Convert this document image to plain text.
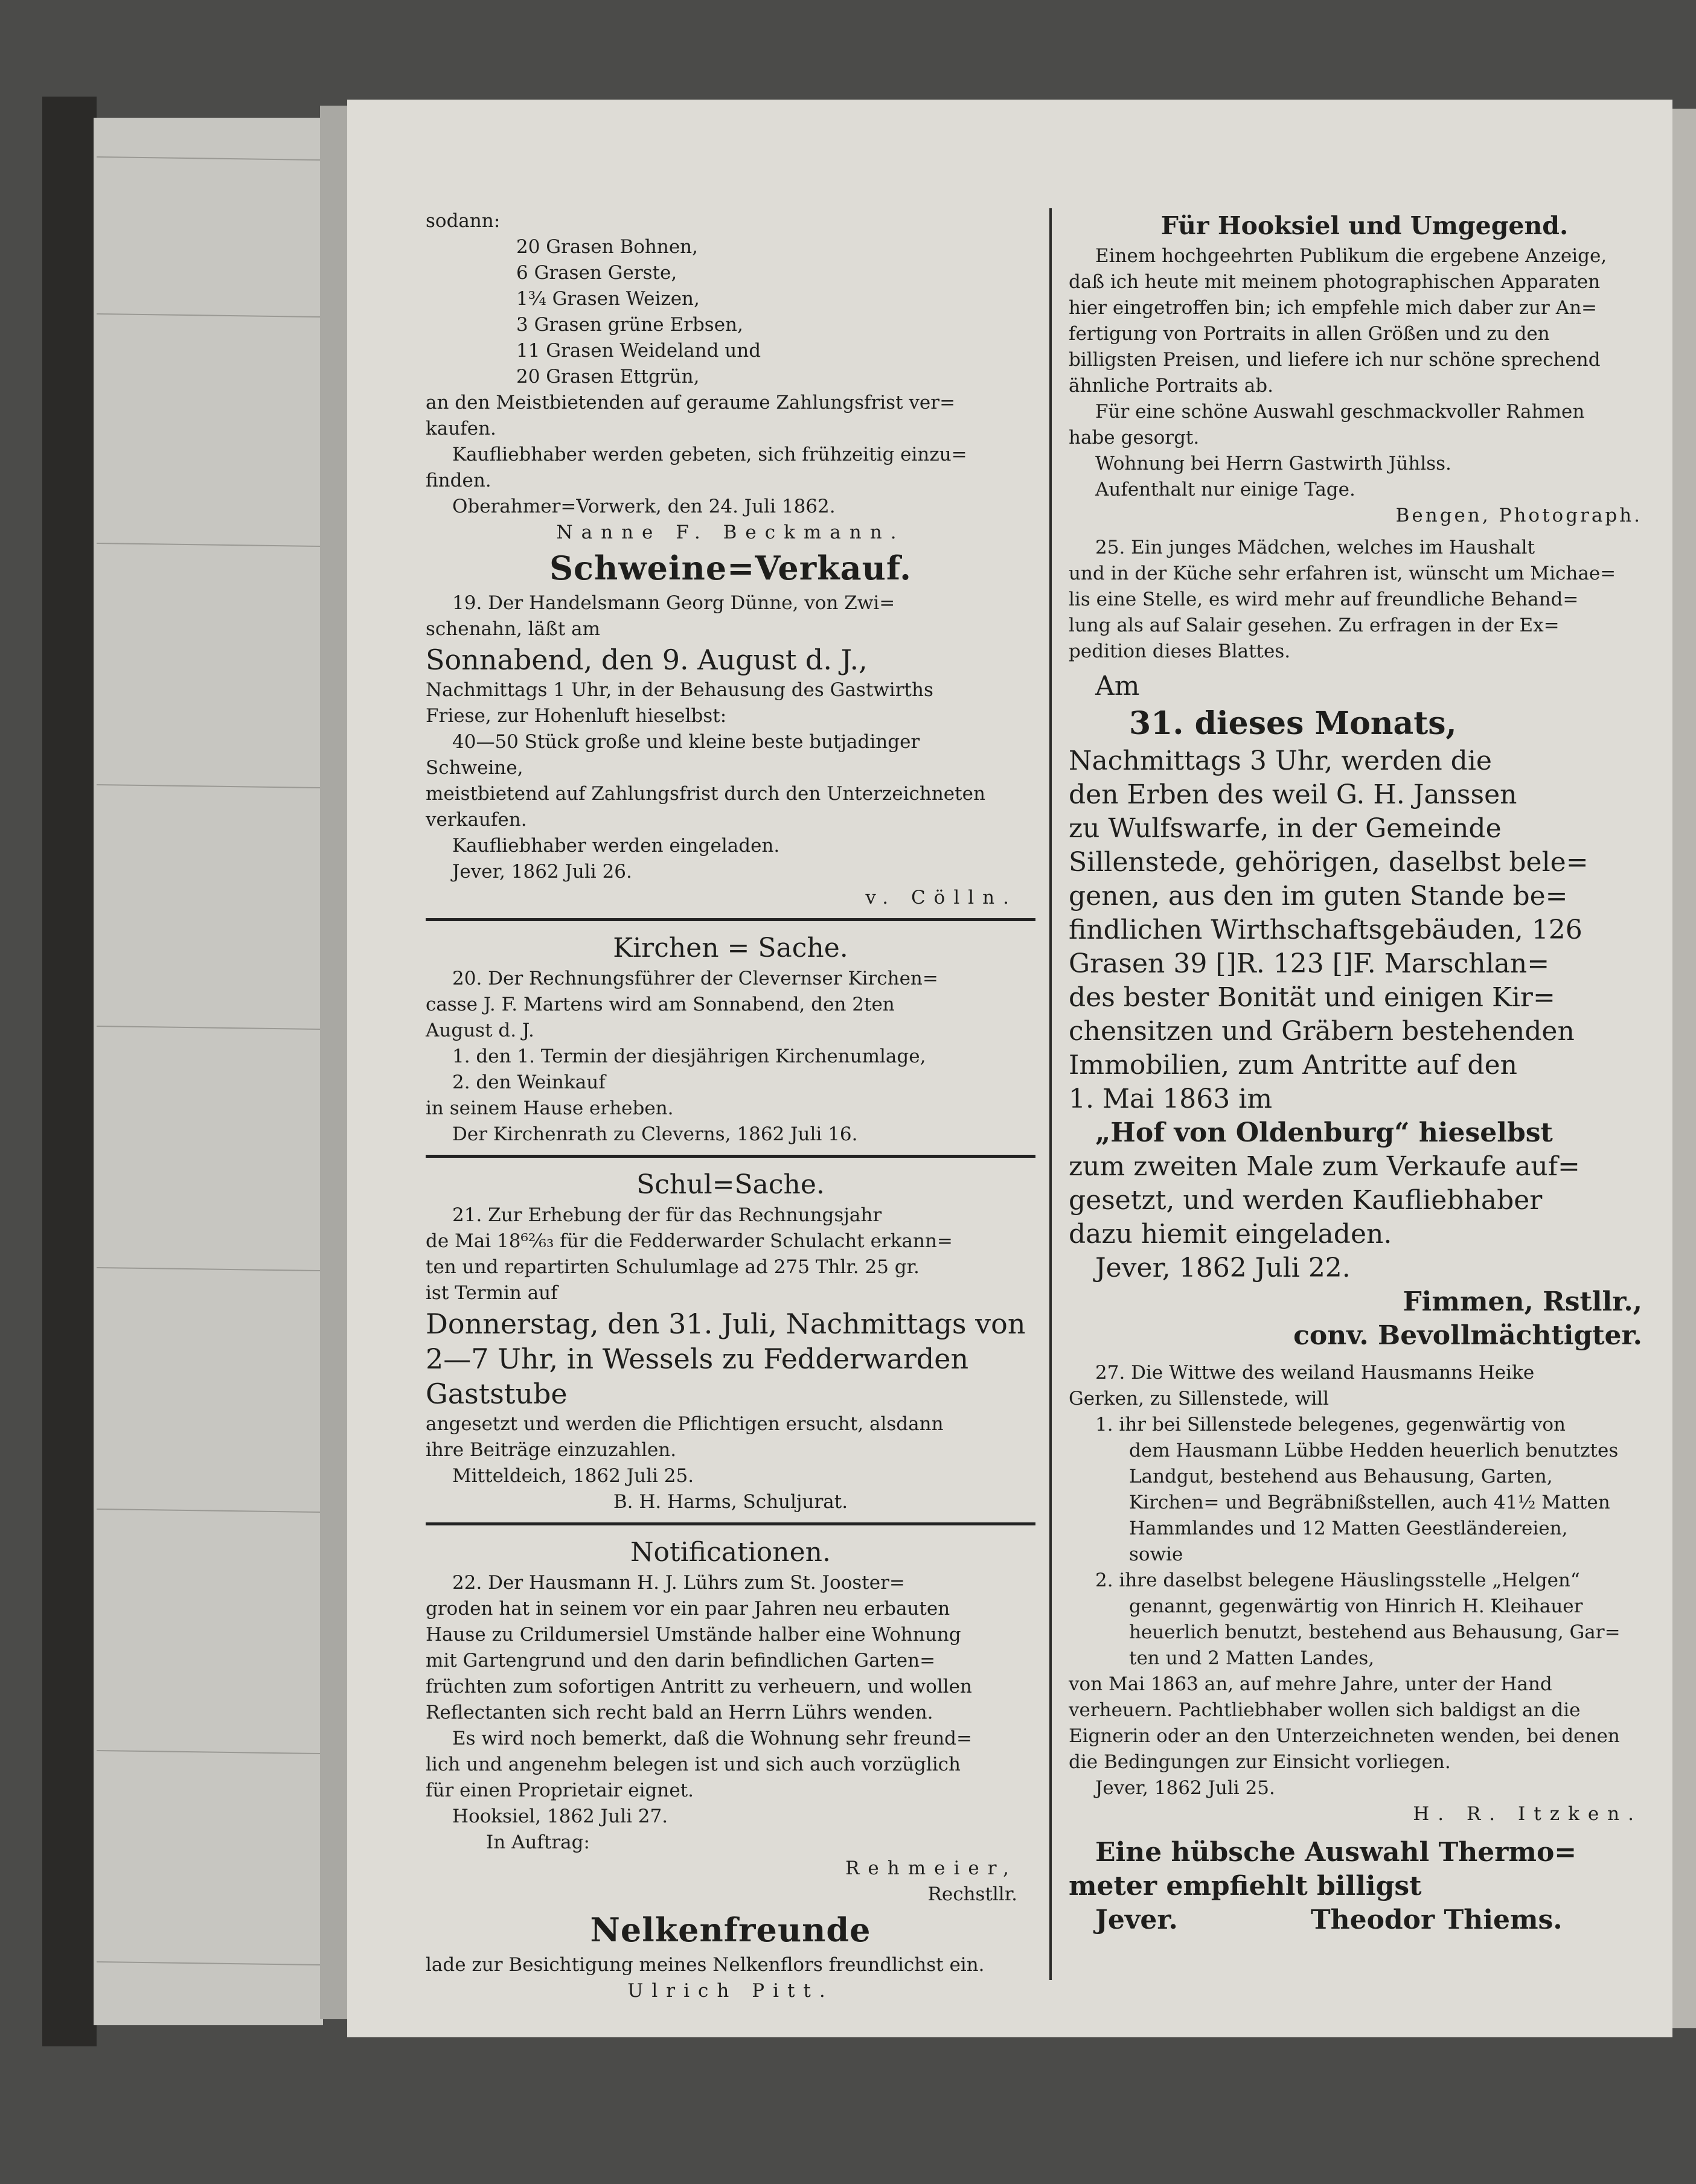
sodann:

20 Grasen Bohnen,

6 Grasen Gerste,

1¾ Grasen Weizen,

3 Grasen grüne Erbsen,

11 Grasen Weideland und

20 Grasen Ettgrün,

an den Meistbietenden auf geraume Zahlungsfrist ver=

kaufen.

Kaufliebhaber werden gebeten, sich frühzeitig einzu=

finden.

Oberahmer=Vorwerk, den 24. Juli 1862.

Nanne F. Beckmann.

Schweine=Verkauf.

19. Der Handelsmann Georg Dünne, von Zwi=

schenahn, läßt am

Sonnabend, den 9. August d. J.,

Nachmittags 1 Uhr, in der Behausung des Gastwirths

Friese, zur Hohenluft hieselbst:

40—50 Stück große und kleine beste butjadinger

Schweine,

meistbietend auf Zahlungsfrist durch den Unterzeichneten

verkaufen.

Kaufliebhaber werden eingeladen.

Jever, 1862 Juli 26.

v. Cölln.

Kirchen = Sache.

20. Der Rechnungsführer der Clevernser Kirchen=

casse J. F. Martens wird am Sonnabend, den 2ten

August d. J.

1. den 1. Termin der diesjährigen Kirchenumlage,

2. den Weinkauf

in seinem Hause erheben.

Der Kirchenrath zu Cleverns, 1862 Juli 16.

Schul=Sache.

21. Zur Erhebung der für das Rechnungsjahr

de Mai 18⁶²⁄₆₃ für die Fedderwarder Schulacht erkann=

ten und repartirten Schulumlage ad 275 Thlr. 25 gr.

ist Termin auf

Donnerstag, den 31. Juli, Nachmittags von

2—7 Uhr, in Wessels zu Fedderwarden

Gaststube

angesetzt und werden die Pflichtigen ersucht, alsdann

ihre Beiträge einzuzahlen.

Mitteldeich, 1862 Juli 25.

B. H. Harms, Schuljurat.

Notificationen.

22. Der Hausmann H. J. Lührs zum St. Jooster=

groden hat in seinem vor ein paar Jahren neu erbauten

Hause zu Crildumersiel Umstände halber eine Wohnung

mit Gartengrund und den darin befindlichen Garten=

früchten zum sofortigen Antritt zu verheuern, und wollen

Reflectanten sich recht bald an Herrn Lührs wenden.

Es wird noch bemerkt, daß die Wohnung sehr freund=

lich und angenehm belegen ist und sich auch vorzüglich

für einen Proprietair eignet.

Hooksiel, 1862 Juli 27.

In Auftrag:

Rehmeier,

Rechstllr.

Nelkenfreunde

lade zur Besichtigung meines Nelkenflors freundlichst ein.

Ulrich Pitt.

Für Hooksiel und Umgegend.

Einem hochgeehrten Publikum die ergebene Anzeige,

daß ich heute mit meinem photographischen Apparaten

hier eingetroffen bin; ich empfehle mich daber zur An=

fertigung von Portraits in allen Größen und zu den

billigsten Preisen, und liefere ich nur schöne sprechend

ähnliche Portraits ab.

Für eine schöne Auswahl geschmackvoller Rahmen

habe gesorgt.

Wohnung bei Herrn Gastwirth Jühlss.

Aufenthalt nur einige Tage.

Bengen, Photograph.

25. Ein junges Mädchen, welches im Haushalt

und in der Küche sehr erfahren ist, wünscht um Michae=

lis eine Stelle, es wird mehr auf freundliche Behand=

lung als auf Salair gesehen. Zu erfragen in der Ex=

pedition dieses Blattes.

Am

31. dieses Monats,

Nachmittags 3 Uhr, werden die

den Erben des weil G. H. Janssen

zu Wulfswarfe, in der Gemeinde

Sillenstede, gehörigen, daselbst bele=

genen, aus den im guten Stande be=

findlichen Wirthschaftsgebäuden, 126

Grasen 39 []R. 123 []F. Marschlan=

des bester Bonität und einigen Kir=

chensitzen und Gräbern bestehenden

Immobilien, zum Antritte auf den

1. Mai 1863 im

„Hof von Oldenburg“ hieselbst

zum zweiten Male zum Verkaufe auf=

gesetzt, und werden Kaufliebhaber

dazu hiemit eingeladen.

Jever, 1862 Juli 22.

Fimmen, Rstllr.,

conv. Bevollmächtigter.

27. Die Wittwe des weiland Hausmanns Heike

Gerken, zu Sillenstede, will

1. ihr bei Sillenstede belegenes, gegenwärtig von

dem Hausmann Lübbe Hedden heuerlich benutztes

Landgut, bestehend aus Behausung, Garten,

Kirchen= und Begräbnißstellen, auch 41½ Matten

Hammlandes und 12 Matten Geestländereien,

sowie

2. ihre daselbst belegene Häuslingsstelle „Helgen“

genannt, gegenwärtig von Hinrich H. Kleihauer

heuerlich benutzt, bestehend aus Behausung, Gar=

ten und 2 Matten Landes,

von Mai 1863 an, auf mehre Jahre, unter der Hand

verheuern. Pachtliebhaber wollen sich baldigst an die

Eignerin oder an den Unterzeichneten wenden, bei denen

die Bedingungen zur Einsicht vorliegen.

Jever, 1862 Juli 25.

H. R. Itzken.

Eine hübsche Auswahl Thermo=

meter empfiehlt billigst

Jever.	Theodor Thiems.
